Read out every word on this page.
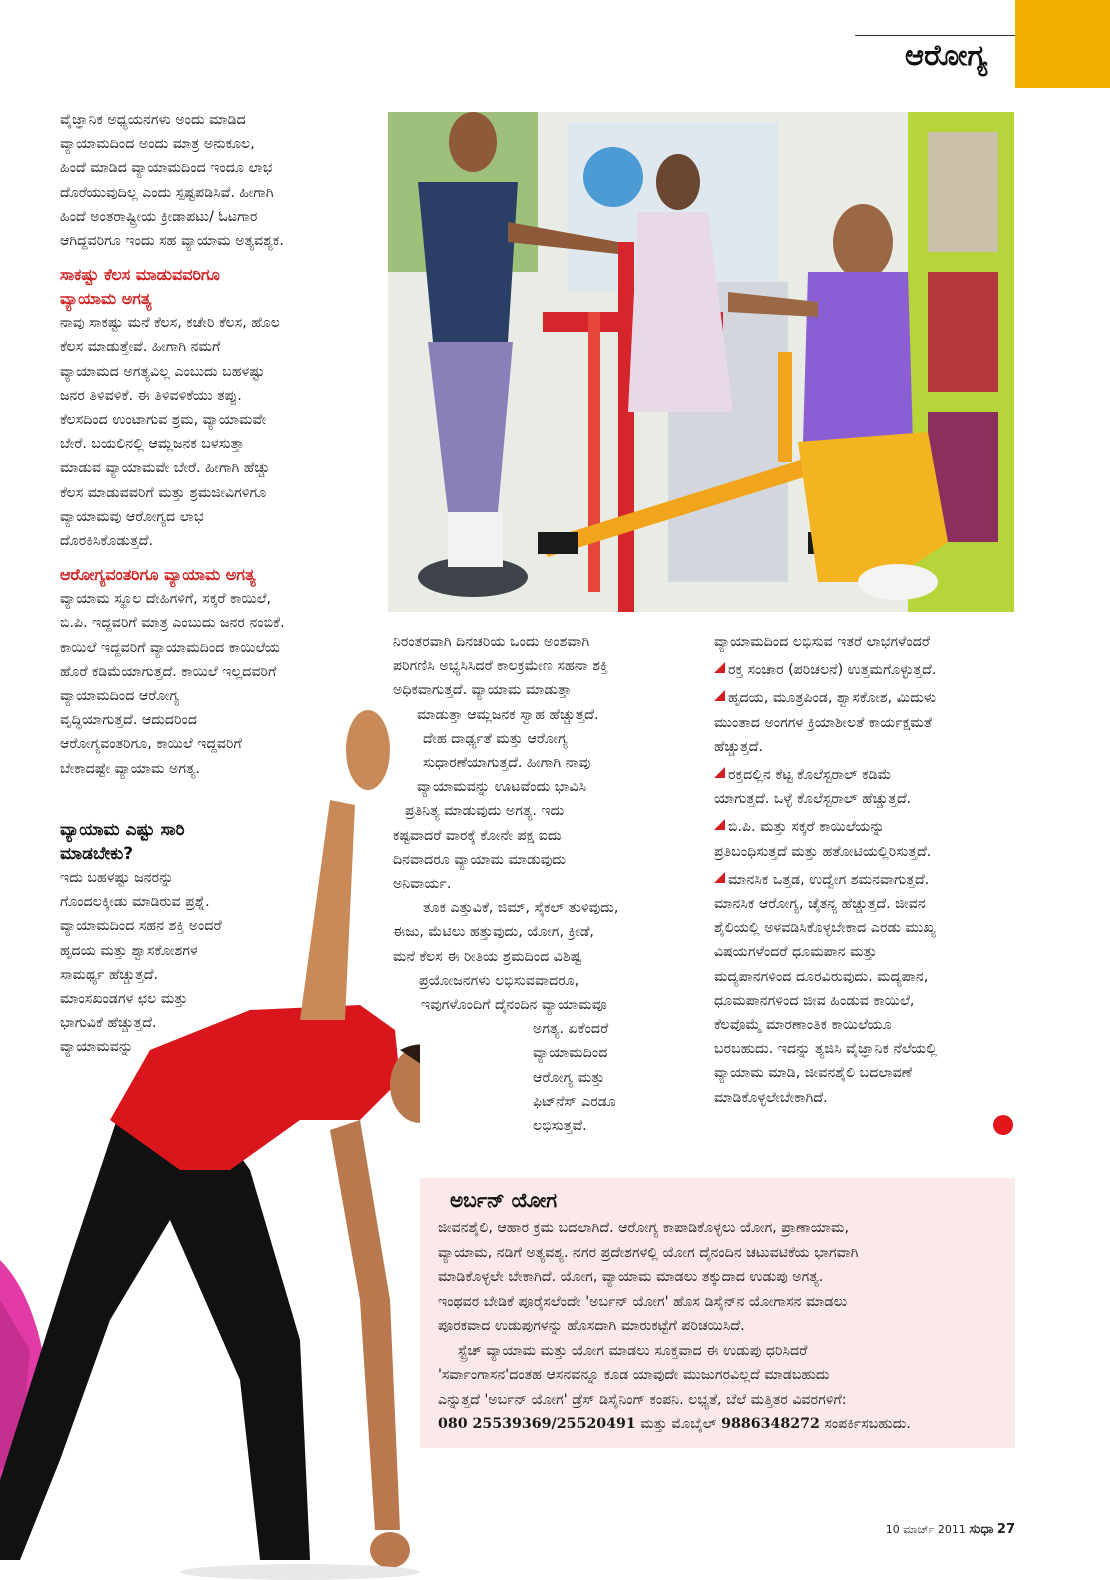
ಆರೋಗ್ಯ

ವೈಜ್ಞಾನಿಕ ಅಧ್ಯಯನಗಳು ಅಂದು ಮಾಡಿದ

ವ್ಯಾಯಾಮದಿಂದ ಅಂದು ಮಾತ್ರ ಅನುಕೂಲ,

ಹಿಂದೆ ಮಾಡಿದ ವ್ಯಾಯಾಮದಿಂದ ಇಂದೂ ಲಾಭ

ದೊರೆಯುವುದಿಲ್ಲ ಎಂದು ಸ್ಪಷ್ಟಪಡಿಸಿವೆ. ಹೀಗಾಗಿ

ಹಿಂದೆ ಅಂತರಾಷ್ಟ್ರೀಯ ಕ್ರೀಡಾಪಟು/ ಓಟಗಾರ

ಆಗಿದ್ದವರಿಗೂ ಇಂದು ಸಹ ವ್ಯಾಯಾಮ ಅತ್ಯವಶ್ಯಕ.

ಸಾಕಷ್ಟು ಕೆಲಸ ಮಾಡುವವರಿಗೂ

ವ್ಯಾಯಾಮ ಅಗತ್ಯ

ನಾವು ಸಾಕಷ್ಟು ಮನೆ ಕೆಲಸ, ಕಚೇರಿ ಕೆಲಸ, ಹೊಲ

ಕೆಲಸ ಮಾಡುತ್ತೇವೆ. ಹೀಗಾಗಿ ನಮಗೆ

ವ್ಯಾಯಾಮದ ಅಗತ್ಯವಿಲ್ಲ ಎಂಬುದು ಬಹಳಷ್ಟು

ಜನರ ತಿಳಿವಳಿಕೆ. ಈ ತಿಳಿವಳಿಕೆಯು ತಪ್ಪು.

ಕೆಲಸದಿಂದ ಉಂಟಾಗುವ ಶ್ರಮ, ವ್ಯಾಯಾಮವೇ

ಬೇರೆ. ಬಯಲಿನಲ್ಲಿ ಆಮ್ಲಜನಕ ಬಳಸುತ್ತಾ

ಮಾಡುವ ವ್ಯಾಯಾಮವೇ ಬೇರೆ. ಹೀಗಾಗಿ ಹೆಚ್ಚು

ಕೆಲಸ ಮಾಡುವವರಿಗೆ ಮತ್ತು ಶ್ರಮಜೀವಿಗಳಿಗೂ

ವ್ಯಾಯಾಮವು ಆರೋಗ್ಯದ ಲಾಭ

ದೊರಕಿಸಿಕೊಡುತ್ತದೆ.

ಆರೋಗ್ಯವಂತರಿಗೂ ವ್ಯಾಯಾಮ ಅಗತ್ಯ

ವ್ಯಾಯಾಮ ಸ್ಥೂಲ ದೇಹಿಗಳಿಗೆ, ಸಕ್ಕರೆ ಕಾಯಿಲೆ,

ಬಿ.ಪಿ. ಇದ್ದವರಿಗೆ ಮಾತ್ರ ಎಂಬುದು ಜನರ ನಂಬಿಕೆ.

ಕಾಯಿಲೆ ಇದ್ದವರಿಗೆ ವ್ಯಾಯಾಮದಿಂದ ಕಾಯಿಲೆಯ

ಹೊರೆ ಕಡಿಮೆಯಾಗುತ್ತದೆ. ಕಾಯಿಲೆ ಇಲ್ಲದವರಿಗೆ

ವ್ಯಾಯಾಮದಿಂದ ಆರೋಗ್ಯ

ವೃದ್ಧಿಯಾಗುತ್ತದೆ. ಆದುದರಿಂದ

ಆರೋಗ್ಯವಂತರಿಗೂ, ಕಾಯಿಲೆ ಇದ್ದವರಿಗೆ

ಬೇಕಾದಷ್ಟೇ ವ್ಯಾಯಾಮ ಅಗತ್ಯ.

ವ್ಯಾಯಾಮ ಎಷ್ಟು ಸಾರಿ

ಮಾಡಬೇಕು?

ಇದು ಬಹಳಷ್ಟು ಜನರನ್ನು

ಗೊಂದಲಕ್ಕೀಡು ಮಾಡಿರುವ ಪ್ರಶ್ನೆ.

ವ್ಯಾಯಾಮದಿಂದ ಸಹನ ಶಕ್ತಿ ಅಂದರೆ

ಹೃದಯ ಮತ್ತು ಶ್ವಾಸಕೋಶಗಳ

ಸಾಮರ್ಥ್ಯ ಹೆಚ್ಚುತ್ತದೆ.

ಮಾಂಸಖಂಡಗಳ ಛಲ ಮತ್ತು

ಭಾಗುವಿಕೆ ಹೆಚ್ಚುತ್ತದೆ.

ವ್ಯಾಯಾಮವನ್ನು

ನಿರಂತರವಾಗಿ ದಿನಚರಿಯ ಒಂದು ಅಂಶವಾಗಿ

ಪರಿಗಣಿಸಿ ಅಭ್ಯಸಿಸಿದರೆ ಕಾಲಕ್ರಮೇಣ ಸಹನಾ ಶಕ್ತಿ

ಅಧಿಕವಾಗುತ್ತದೆ. ವ್ಯಾಯಾಮ ಮಾಡುತ್ತಾ

ಮಾಡುತ್ತಾ ಆಮ್ಲಜನಕ ಸ್ವಾಹ ಹೆಚ್ಚುತ್ತದೆ.

ದೇಹ ದಾರ್ಢ್ಯತೆ ಮತ್ತು ಆರೋಗ್ಯ

ಸುಧಾರಣೆಯಾಗುತ್ತದೆ. ಹೀಗಾಗಿ ನಾವು

ವ್ಯಾಯಾಮವನ್ನು ಊಟವೆಂದು ಭಾವಿಸಿ

ಪ್ರತಿನಿತ್ಯ ಮಾಡುವುದು ಅಗತ್ಯ. ಇದು

ಕಷ್ಟವಾದರೆ ವಾರಕ್ಕೆ ಕೋನೇ ಪಕ್ಷ ಐದು

ದಿನವಾದರೂ ವ್ಯಾಯಾಮ ಮಾಡುವುದು

ಅನಿವಾರ್ಯ.

ತೂಕ ಎತ್ತುವಿಕೆ, ಜಿಮ್, ಸೈಕಲ್ ತುಳಿವುದು,

ಈಜು, ಮೆಟಿಲು ಹತ್ತುವುದು, ಯೋಗ, ಕ್ರೀಡೆ,

ಮನೆ ಕೆಲಸ ಈ ರೀತಿಯ ಶ್ರಮದಿಂದ ವಿಶಿಷ್ಟ

ಪ್ರಯೋಜನಗಳು ಲಭಿಸುವವಾದರೂ,

ಇವುಗಳೊಂದಿಗೆ ದೈನಂದಿನ ವ್ಯಾಯಾಮವೂ

ಅಗತ್ಯ. ಏಕೆಂದರೆ

ವ್ಯಾಯಾಮದಿಂದ

ಆರೋಗ್ಯ ಮತ್ತು

ಫಿಟ್‌ನೆಸ್ ಎರಡೂ

ಲಭಿಸುತ್ತವೆ.

ವ್ಯಾಯಾಮದಿಂದ ಲಭಿಸುವ ಇತರೆ ಲಾಭಗಳೆಂದರೆ

ರಕ್ತ ಸಂಚಾರ (ಪರಿಚಲನೆ) ಉತ್ತಮಗೊಳ್ಳುತ್ತದೆ.

ಹೃದಯ, ಮೂತ್ರಪಿಂಡ, ಶ್ವಾಸಕೋಶ, ಮಿದುಳು

ಮುಂತಾದ ಅಂಗಗಳ ಕ್ರಿಯಾಶೀಲತೆ ಕಾರ್ಯಕ್ಷಮತೆ

ಹೆಚ್ಚುತ್ತದೆ.

ರಕ್ತದಲ್ಲಿನ ಕೆಟ್ಟ ಕೊಲೆಸ್ಟರಾಲ್ ಕಡಿಮೆ

ಯಾಗುತ್ತದೆ. ಒಳ್ಳೆ ಕೊಲೆಸ್ಟರಾಲ್ ಹೆಚ್ಚುತ್ತದೆ.

ಬಿ.ಪಿ. ಮತ್ತು ಸಕ್ಕರೆ ಕಾಯಿಲೆಯನ್ನು

ಪ್ರತಿಬಂಧಿಸುತ್ತದೆ ಮತ್ತು ಹತೋಟಿಯಲ್ಲಿರಿಸುತ್ತದೆ.

ಮಾನಸಿಕ ಒತ್ತಡ, ಉದ್ವೇಗ ಶಮನವಾಗುತ್ತದೆ.

ಮಾನಸಿಕ ಆರೋಗ್ಯ, ಚೈತನ್ಯ ಹೆಚ್ಚುತ್ತದೆ. ಜೀವನ

ಶೈಲಿಯಲ್ಲಿ ಅಳವಡಿಸಿಕೊಳ್ಳಬೇಕಾದ ಎರಡು ಮುಖ್ಯ

ವಿಷಯಗಳೆಂದರೆ ಧೂಮಪಾನ ಮತ್ತು

ಮದ್ಯಪಾನಗಳಿಂದ ದೂರವಿರುವುದು. ಮದ್ಯಪಾನ,

ಧೂಮಪಾನಗಳಿಂದ ಜೀವ ಹಿಂಡುವ ಕಾಯಿಲೆ,

ಕೆಲವೊಮ್ಮೆ ಮಾರಣಾಂತಿಕ ಕಾಯಿಲೆಯೂ

ಬರಬಹುದು. ಇದನ್ನು ತ್ಯಜಿಸಿ ವೈಜ್ಞಾನಿಕ ನೆಲೆಯಲ್ಲಿ

ವ್ಯಾಯಾಮ ಮಾಡಿ, ಜೀವನಶೈಲಿ ಬದಲಾವಣೆ

ಮಾಡಿಕೊಳ್ಳಲೇಬೇಕಾಗಿದೆ.

ಅರ್ಬನ್ ಯೋಗ

ಜೀವನಶೈಲಿ, ಆಹಾರ ಕ್ರಮ ಬದಲಾಗಿದೆ. ಆರೋಗ್ಯ ಕಾಪಾಡಿಕೊಳ್ಳಲು ಯೋಗ, ಪ್ರಾಣಾಯಾಮ,

ವ್ಯಾಯಾಮ, ನಡಿಗೆ ಅತ್ಯವಶ್ಯ. ನಗರ ಪ್ರದೇಶಗಳಲ್ಲಿ ಯೋಗ ದೈನಂದಿನ ಚಟುವಟಿಕೆಯ ಭಾಗವಾಗಿ

ಮಾಡಿಕೊಳ್ಳಲೇ ಬೇಕಾಗಿದೆ. ಯೋಗ, ವ್ಯಾಯಾಮ ಮಾಡಲು ತಕ್ಕುದಾದ ಉಡುಪು ಅಗತ್ಯ.

ಇಂಥವರ ಬೇಡಿಕೆ ಪೂರೈಸಲೆಂದೇ 'ಅರ್ಬನ್ ಯೋಗ' ಹೊಸ ಡಿಸೈನ್‌ನ ಯೋಗಾಸನ ಮಾಡಲು

ಪೂರಕವಾದ ಉಡುಪುಗಳನ್ನು ಹೊಸದಾಗಿ ಮಾರುಕಟ್ಟೆಗೆ ಪರಿಚಯಿಸಿದೆ.

ಸ್ಟ್ರೆಚ್ ವ್ಯಾಯಾಮ ಮತ್ತು ಯೋಗ ಮಾಡಲು ಸೂಕ್ತವಾದ ಈ ಉಡುಪು ಧರಿಸಿದರೆ

'ಸರ್ವಾಂಗಾಸನ'ದಂತಹ ಆಸನವನ್ನೂ ಕೂಡ ಯಾವುದೇ ಮುಜುಗರವಿಲ್ಲದೆ ಮಾಡಬಹುದು

ಎನ್ನುತ್ತದೆ 'ಅರ್ಬನ್ ಯೋಗ' ಡ್ರೆಸ್ ಡಿಸೈನಿಂಗ್ ಕಂಪನಿ. ಲಭ್ಯತೆ, ಬೆಲೆ ಮತ್ತಿತರ ವಿವರಗಳಿಗೆ:

080 25539369/25520491 ಮತ್ತು ಮೊಬೈಲ್ 9886348272 ಸಂಪರ್ಕಿಸಬಹುದು.

10 ಮಾರ್ಚ್ 2011 ಸುಧಾ 27
